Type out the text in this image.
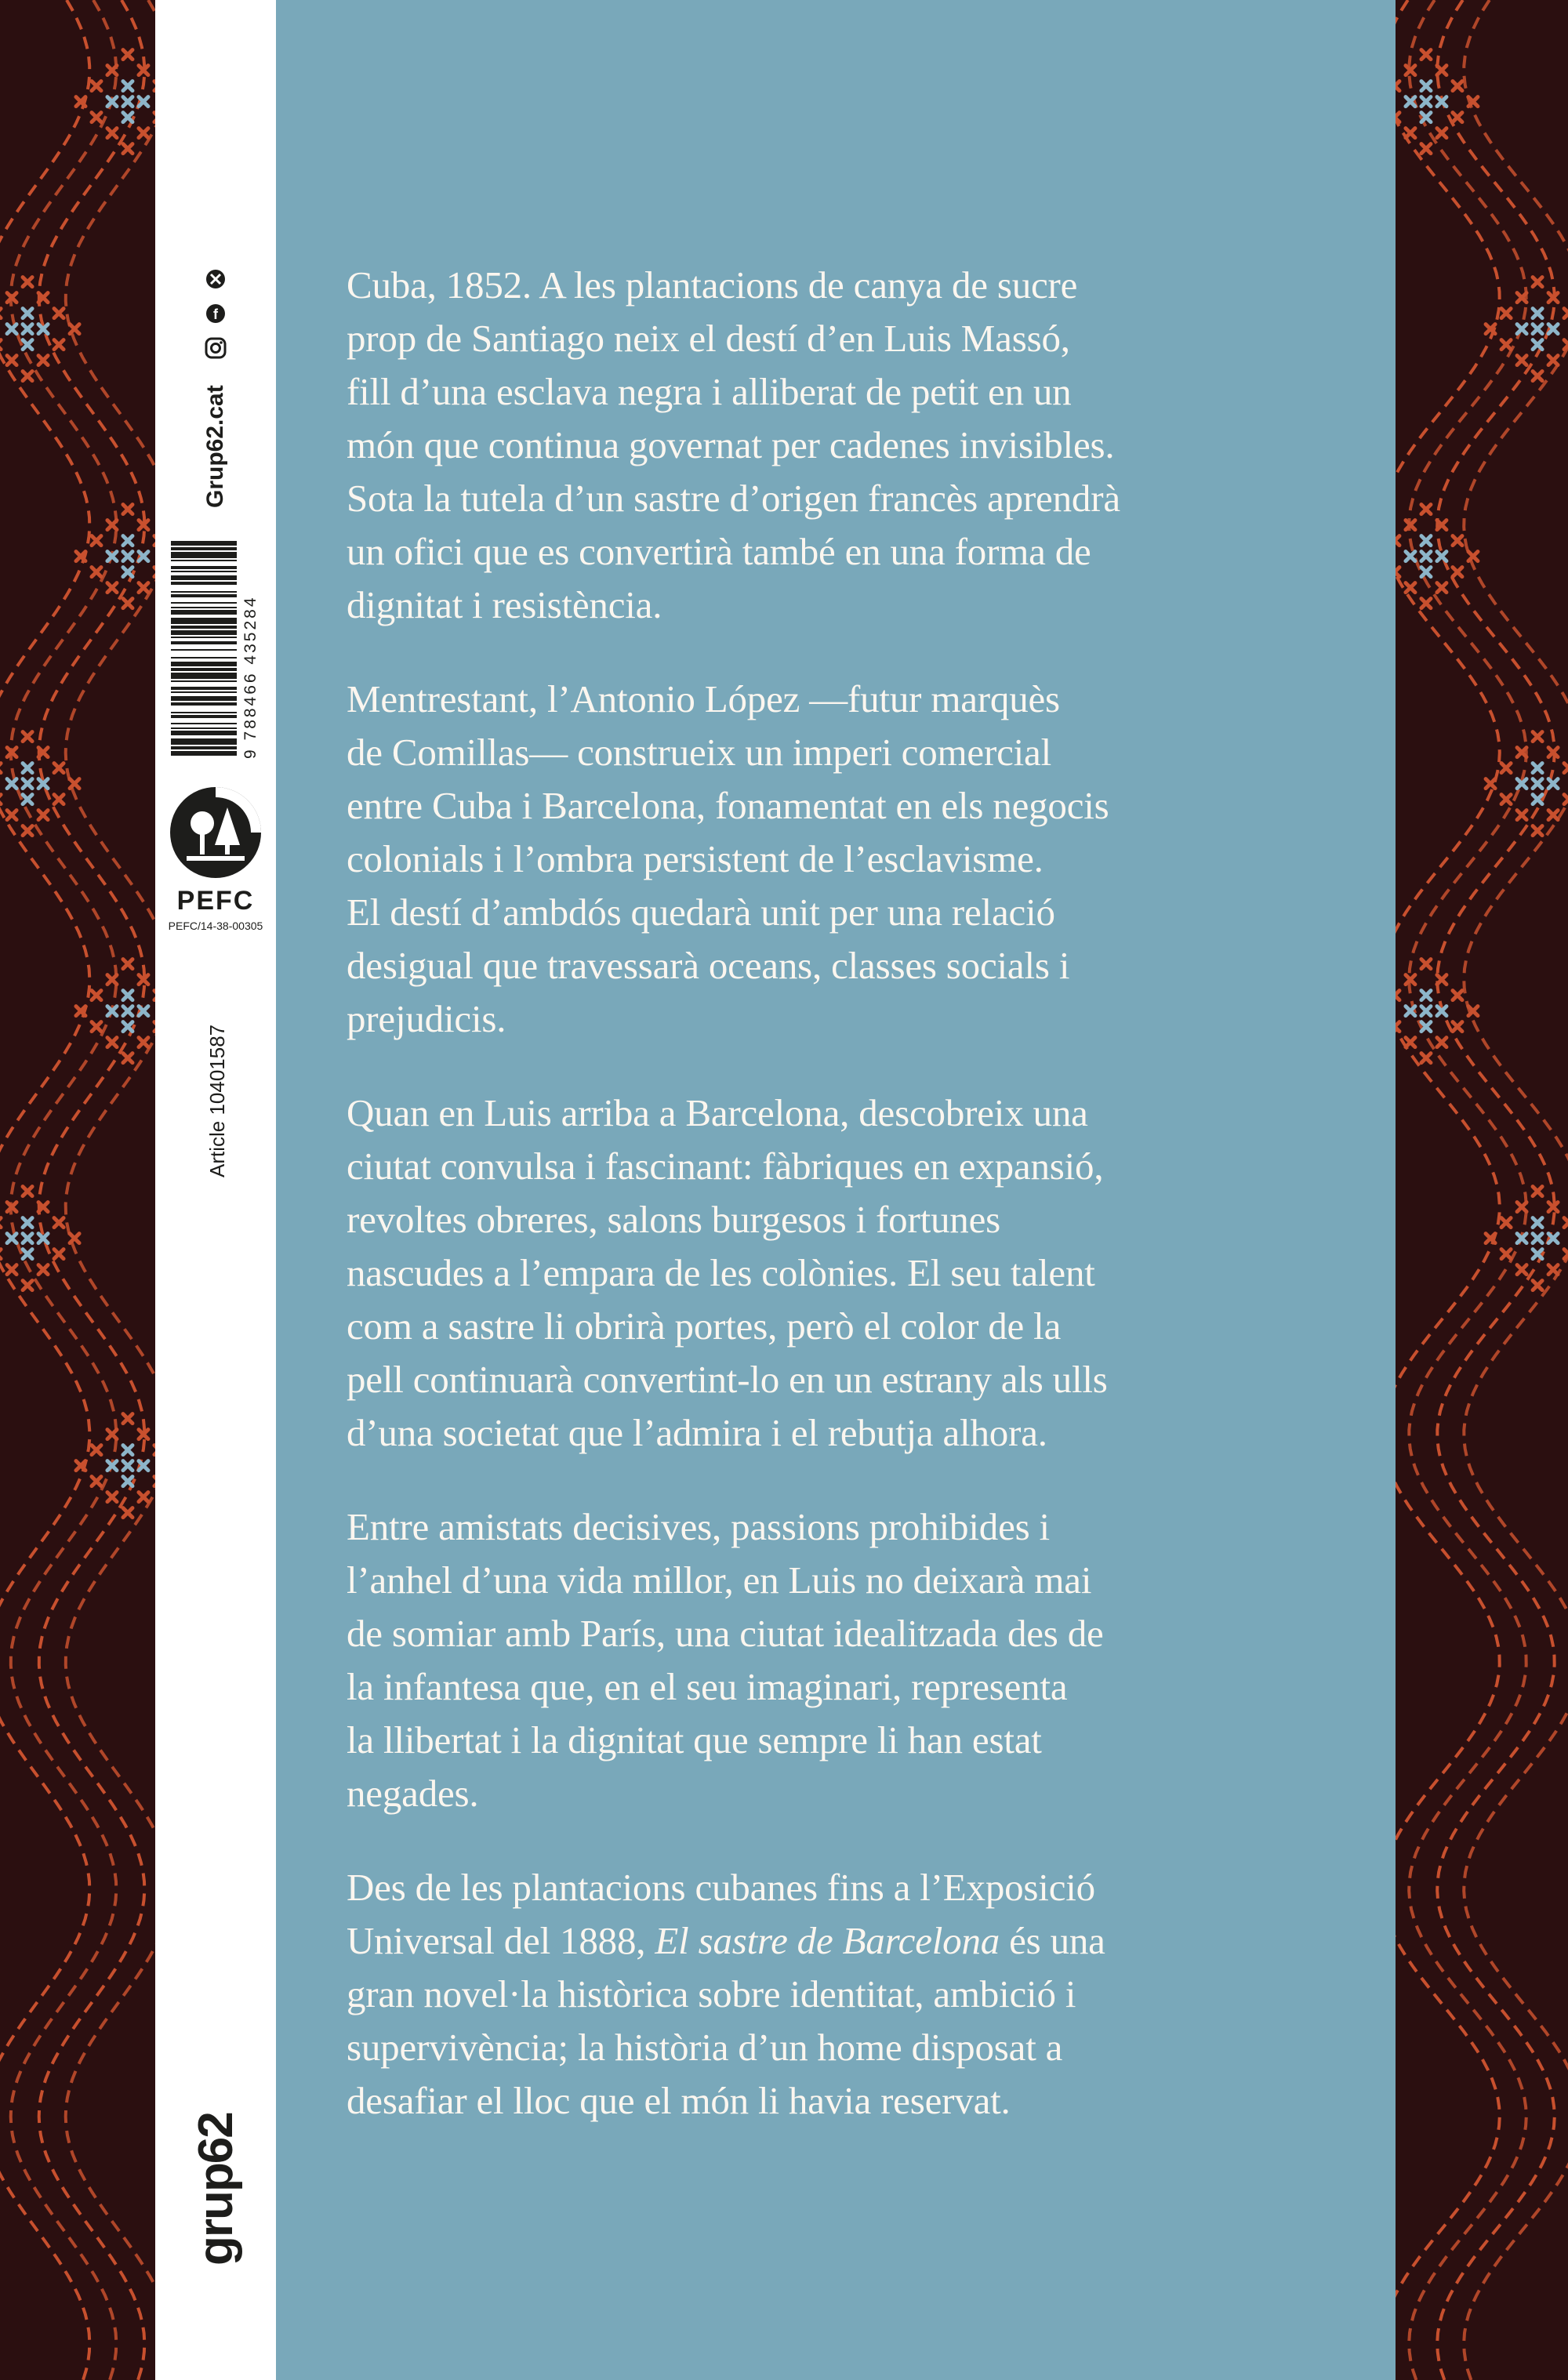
f
Grup62.cat
9 788466 435284
PEFC
PEFC/14-38-00305
Article 10401587
grup62

Cuba, 1852. A les plantacions de canya de sucre
prop de Santiago neix el destí d’en Luis Massó,
fill d’una esclava negra i alliberat de petit en un
món que continua governat per cadenes invisibles.
Sota la tutela d’un sastre d’origen francès aprendrà
un ofici que es convertirà també en una forma de
dignitat i resistència.

Mentrestant, l’Antonio López —futur marquès
de Comillas— construeix un imperi comercial
entre Cuba i Barcelona, fonamentat en els negocis
colonials i l’ombra persistent de l’esclavisme.
El destí d’ambdós quedarà unit per una relació
desigual que travessarà oceans, classes socials i
prejudicis.

Quan en Luis arriba a Barcelona, descobreix una
ciutat convulsa i fascinant: fàbriques en expansió,
revoltes obreres, salons burgesos i fortunes
nascudes a l’empara de les colònies. El seu talent
com a sastre li obrirà portes, però el color de la
pell continuarà convertint-lo en un estrany als ulls
d’una societat que l’admira i el rebutja alhora.

Entre amistats decisives, passions prohibides i
l’anhel d’una vida millor, en Luis no deixarà mai
de somiar amb París, una ciutat idealitzada des de
la infantesa que, en el seu imaginari, representa
la llibertat i la dignitat que sempre li han estat
negades.

Des de les plantacions cubanes fins a l’Exposició
Universal del 1888, El sastre de Barcelona és una
gran novel·la històrica sobre identitat, ambició i
supervivència; la història d’un home disposat a
desafiar el lloc que el món li havia reservat.
